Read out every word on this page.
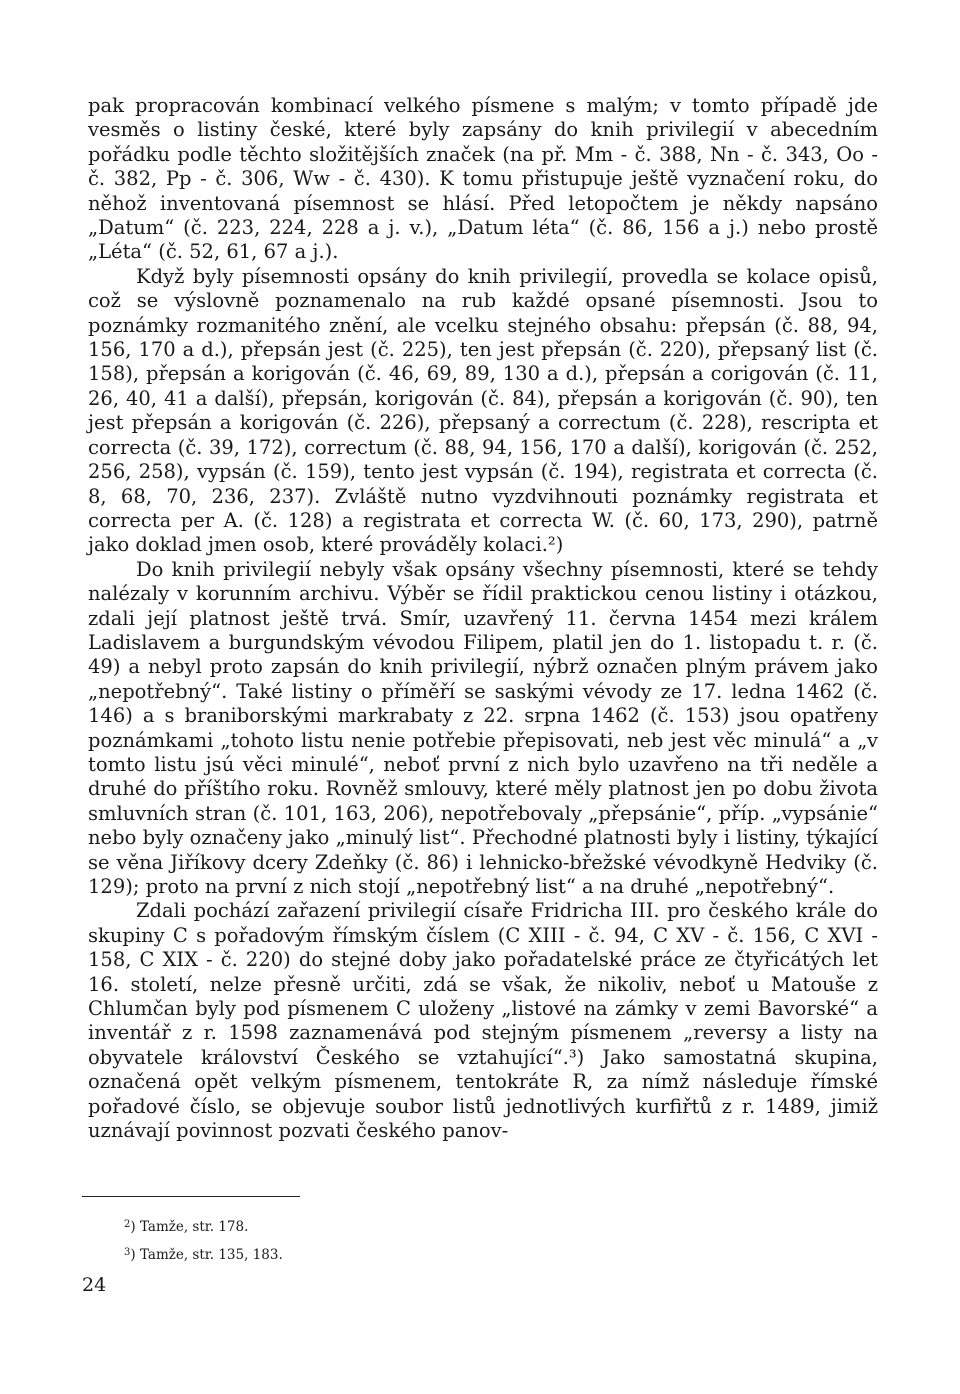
pak propracován kombinací velkého písmene s malým; v tomto případě jde vesměs o listiny české, které byly zapsány do knih privilegií v abecedním pořádku podle těchto složitějších značek (na př. Mm - č. 388, Nn - č. 343, Oo - č. 382, Pp - č. 306, Ww - č. 430). K tomu přistupuje ještě vyznačení roku, do něhož inventovaná písemnost se hlásí. Před letopočtem je někdy napsáno „Datum“ (č. 223, 224, 228 a j. v.), „Datum léta“ (č. 86, 156 a j.) nebo prostě „Léta“ (č. 52, 61, 67 a j.).

Když byly písemnosti opsány do knih privilegií, provedla se kolace opisů, což se výslovně poznamenalo na rub každé opsané písemnosti. Jsou to poznámky rozmanitého znění, ale vcelku stejného obsahu: přepsán (č. 88, 94, 156, 170 a d.), přepsán jest (č. 225), ten jest přepsán (č. 220), přepsaný list (č. 158), přepsán a korigován (č. 46, 69, 89, 130 a d.), přepsán a corigován (č. 11, 26, 40, 41 a další), přepsán, korigován (č. 84), přepsán a korigován (č. 90), ten jest přepsán a korigován (č. 226), přepsaný a correctum (č. 228), rescripta et correcta (č. 39, 172), correctum (č. 88, 94, 156, 170 a další), korigován (č. 252, 256, 258), vypsán (č. 159), tento jest vypsán (č. 194), registrata et correcta (č. 8, 68, 70, 236, 237). Zvláště nutno vyzdvihnouti poznámky registrata et correcta per A. (č. 128) a registrata et correcta W. (č. 60, 173, 290), patrně jako doklad jmen osob, které prováděly kolaci.²)

Do knih privilegií nebyly však opsány všechny písemnosti, které se tehdy nalézaly v korunním archivu. Výběr se řídil praktickou cenou listiny i otázkou, zdali její platnost ještě trvá. Smír, uzavřený 11. června 1454 mezi králem Ladislavem a burgundským vévodou Filipem, platil jen do 1. listopadu t. r. (č. 49) a nebyl proto zapsán do knih privilegií, nýbrž označen plným právem jako „nepotřebný“. Také listiny o příměří se saskými vévody ze 17. ledna 1462 (č. 146) a s braniborskými markrabaty z 22. srpna 1462 (č. 153) jsou opatřeny poznámkami „tohoto listu nenie potřebie přepisovati, neb jest věc minulá“ a „v tomto listu jsú věci minulé“, neboť první z nich bylo uzavřeno na tři neděle a druhé do příštího roku. Rovněž smlouvy, které měly platnost jen po dobu života smluvních stran (č. 101, 163, 206), nepotřebovaly „přepsánie“, příp. „vypsánie“ nebo byly označeny jako „minulý list“. Přechodné platnosti byly i listiny, týkající se věna Jiříkovy dcery Zdeňky (č. 86) i lehnicko-břežské vévodkyně Hedviky (č. 129); proto na první z nich stojí „nepotřebný list“ a na druhé „nepotřebný“.

Zdali pochází zařazení privilegií císaře Fridricha III. pro českého krále do skupiny C s pořadovým římským číslem (C XIII - č. 94, C XV - č. 156, C XVI - 158, C XIX - č. 220) do stejné doby jako pořadatelské práce ze čtyřicátých let 16. století, nelze přesně určiti, zdá se však, že nikoliv, neboť u Matouše z Chlumčan byly pod písmenem C uloženy „listové na zámky v zemi Bavorské“ a inventář z r. 1598 zaznamenává pod stejným písmenem „reversy a listy na obyvatele království Českého se vztahující“.³) Jako samostatná skupina, označená opět velkým písmenem, tentokráte R, za nímž následuje římské pořadové číslo, se objevuje soubor listů jednotlivých kurfiřtů z r. 1489, jimiž uznávají povinnost pozvati českého panov-

$^2$) Tamže, str. 178.
$^3$) Tamže, str. 135, 183.
24
